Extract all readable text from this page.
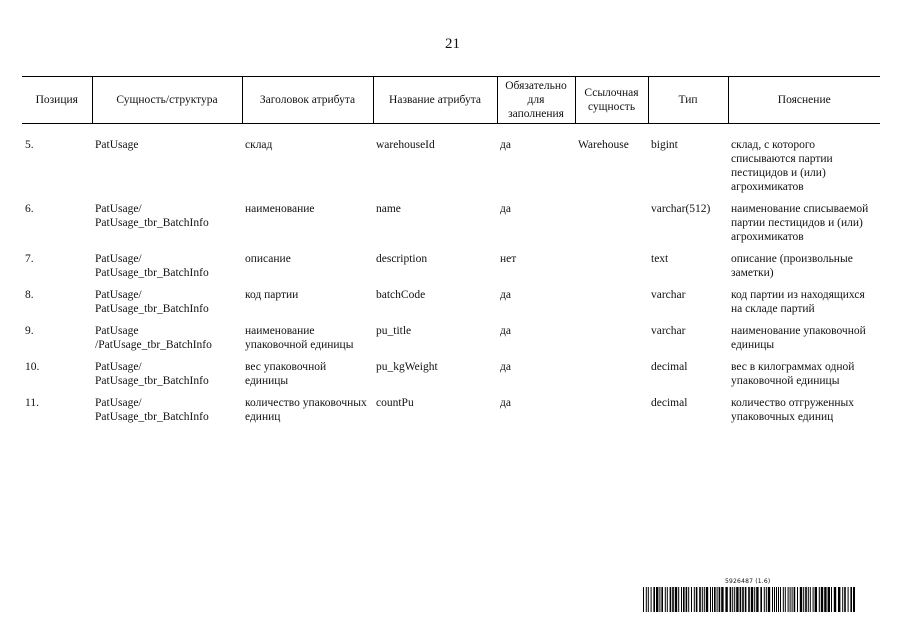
21
Позиция	Сущность/структура	Заголовок атрибута	Название атрибута	Обязательно для заполнения	Ссылочная сущность	Тип	Пояснение

5.	PatUsage	склад	warehouseId	да	Warehouse	bigint	склад, с которого списываются партии пестицидов и (или) агрохимикатов
6.	PatUsage/ PatUsage_tbr_BatchInfo	наименование	name	да		varchar(512)	наименование списываемой партии пестицидов и (или) агрохимикатов
7.	PatUsage/ PatUsage_tbr_BatchInfo	описание	description	нет		text	описание (произвольные заметки)
8.	PatUsage/ PatUsage_tbr_BatchInfo	код партии	batchCode	да		varchar	код партии из находящихся на складе партий
9.	PatUsage /PatUsage_tbr_BatchInfo	наименование упаковочной единицы	pu_title	да		varchar	наименование упаковочной единицы
10.	PatUsage/ PatUsage_tbr_BatchInfo	вес упаковочной единицы	pu_kgWeight	да		decimal	вес в килограммах одной упаковочной единицы
11.	PatUsage/ PatUsage_tbr_BatchInfo	количество упаковочных единиц	countPu	да		decimal	количество отгруженных упаковочных единиц
5926487 (1.6)
